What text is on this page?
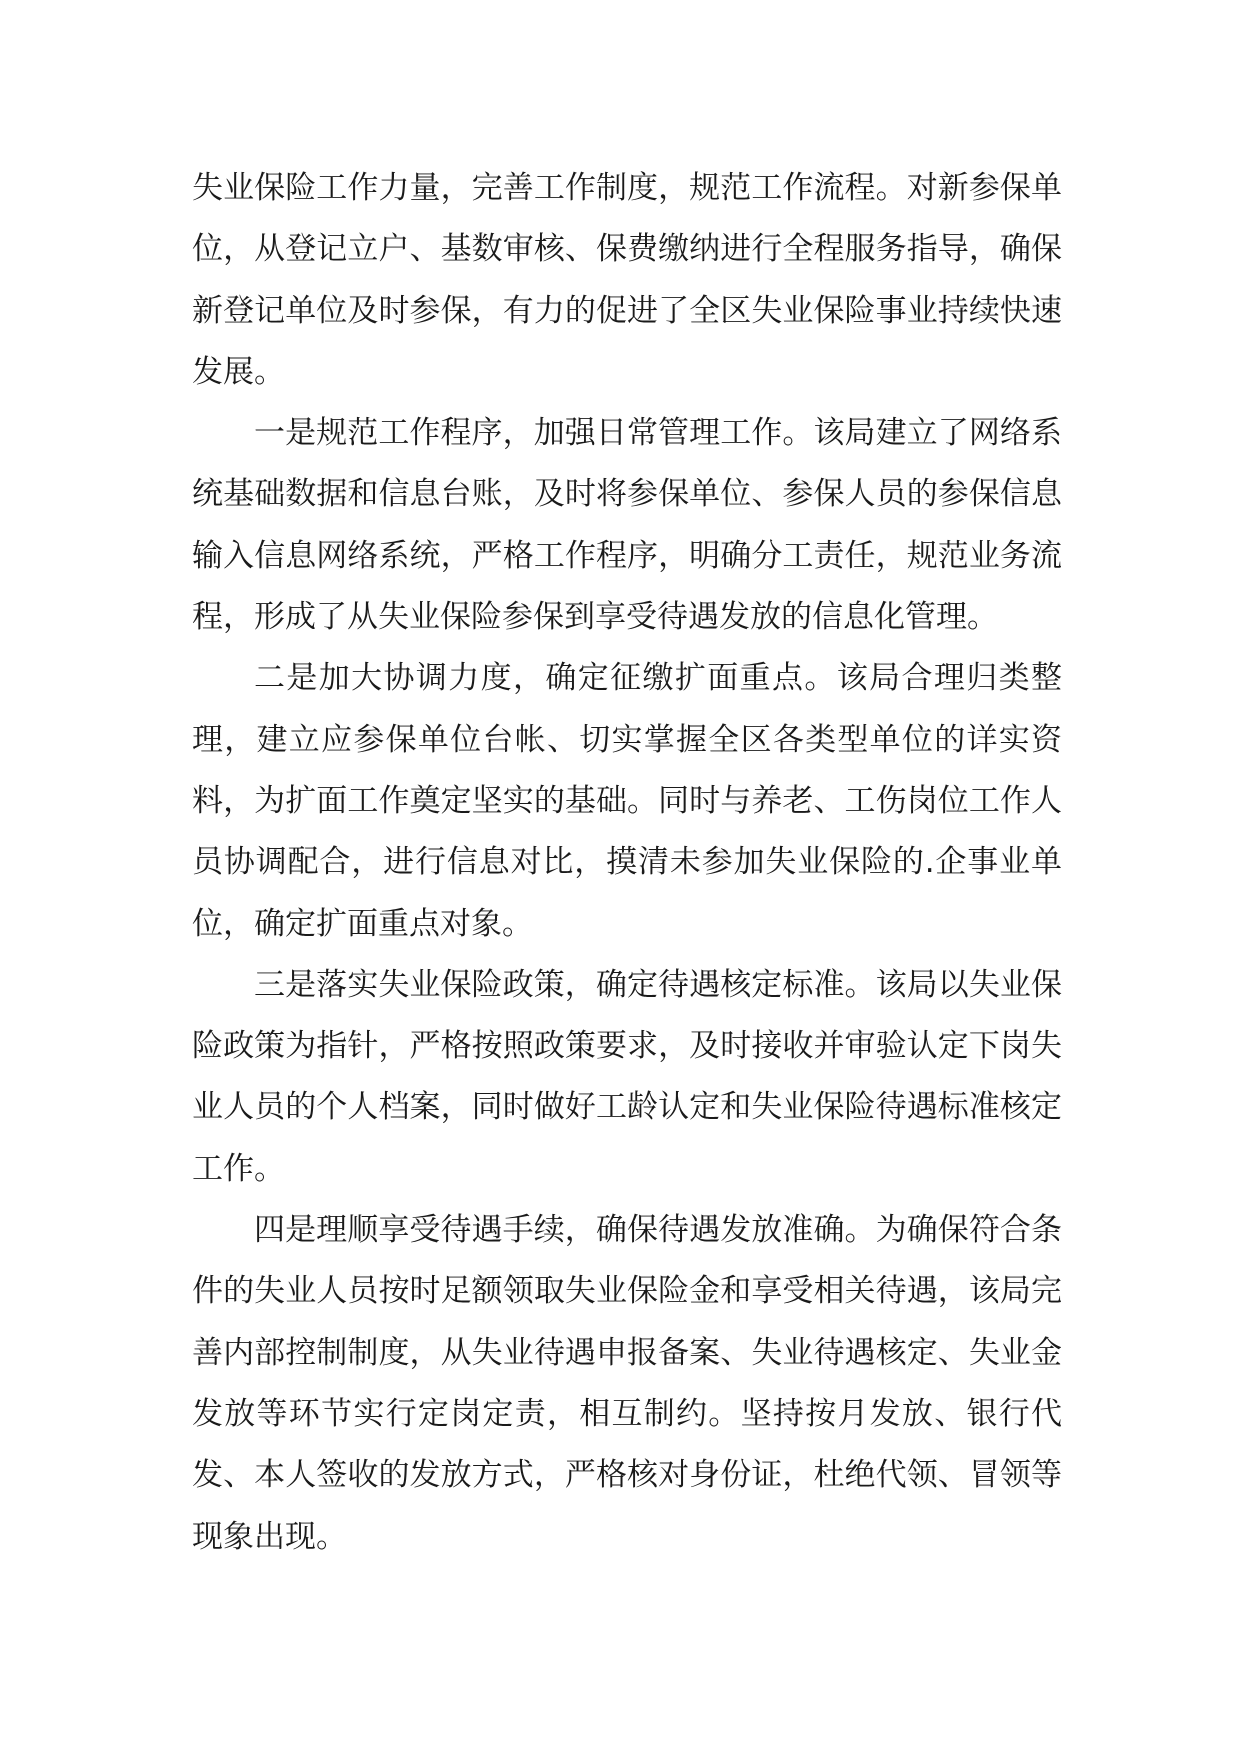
失业保险工作力量，完善工作制度，规范工作流程。对新参保单位，从登记立户、基数审核、保费缴纳进行全程服务指导，确保新登记单位及时参保，有力的促进了全区失业保险事业持续快速发展。

一是规范工作程序，加强日常管理工作。该局建立了网络系统基础数据和信息台账，及时将参保单位、参保人员的参保信息输入信息网络系统，严格工作程序，明确分工责任，规范业务流程，形成了从失业保险参保到享受待遇发放的信息化管理。

二是加大协调力度，确定征缴扩面重点。该局合理归类整理，建立应参保单位台帐、切实掌握全区各类型单位的详实资料，为扩面工作奠定坚实的基础。同时与养老、工伤岗位工作人员协调配合，进行信息对比，摸清未参加失业保险的.企事业单位，确定扩面重点对象。

三是落实失业保险政策，确定待遇核定标准。该局以失业保险政策为指针，严格按照政策要求，及时接收并审验认定下岗失业人员的个人档案，同时做好工龄认定和失业保险待遇标准核定工作。

四是理顺享受待遇手续，确保待遇发放准确。为确保符合条件的失业人员按时足额领取失业保险金和享受相关待遇，该局完善内部控制制度，从失业待遇申报备案、失业待遇核定、失业金发放等环节实行定岗定责，相互制约。坚持按月发放、银行代发、本人签收的发放方式，严格核对身份证，杜绝代领、冒领等现象出现。
